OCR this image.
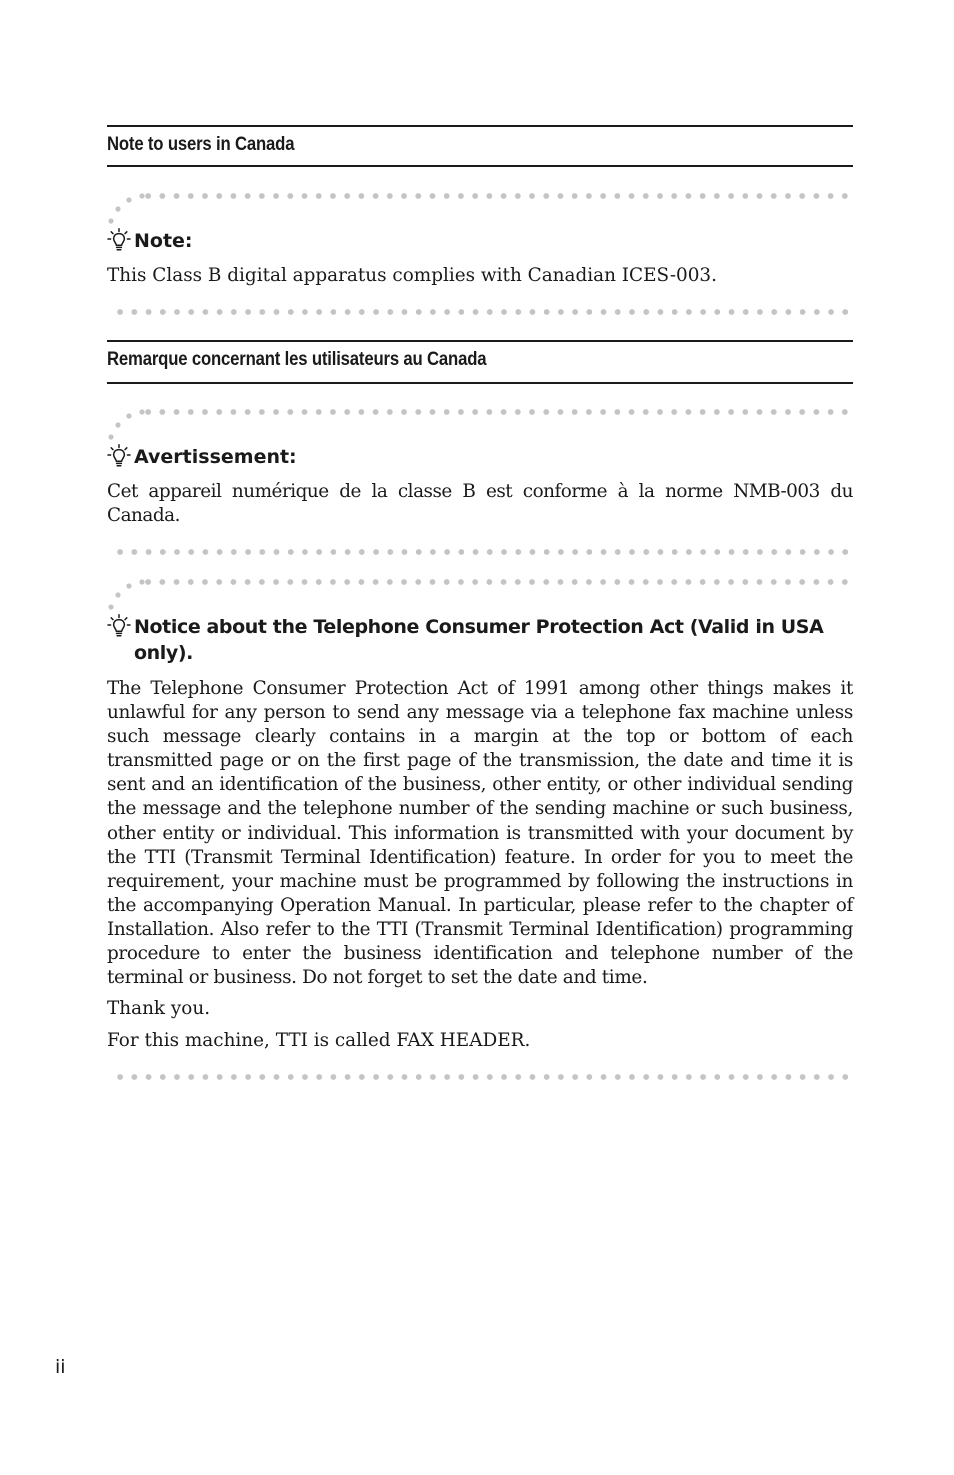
Note to users in Canada
Note:

This Class B digital apparatus complies with Canadian ICES-003.

Remarque concernant les utilisateurs au Canada
Avertissement:

Cet appareil numérique de la classe B est conforme à la norme NMB-003 du Canada.

Notice about the Telephone Consumer Protection Act (Valid in USA only).

The Telephone Consumer Protection Act of 1991 among other things makes it unlawful for any person to send any message via a telephone fax machine unless such message clearly contains in a margin at the top or bottom of each transmitted page or on the first page of the transmission, the date and time it is sent and an identification of the business, other entity, or other individual sending the message and the telephone number of the sending machine or such business, other entity or individual. This information is transmitted with your document by the TTI (Transmit Terminal Identification) feature. In order for you to meet the requirement, your machine must be programmed by following the instructions in the accompanying Operation Manual. In particular, please refer to the chapter of Installation. Also refer to the TTI (Transmit Terminal Identification) programming procedure to enter the business identification and telephone number of the terminal or business. Do not forget to set the date and time.

Thank you.

For this machine, TTI is called FAX HEADER.

ii
